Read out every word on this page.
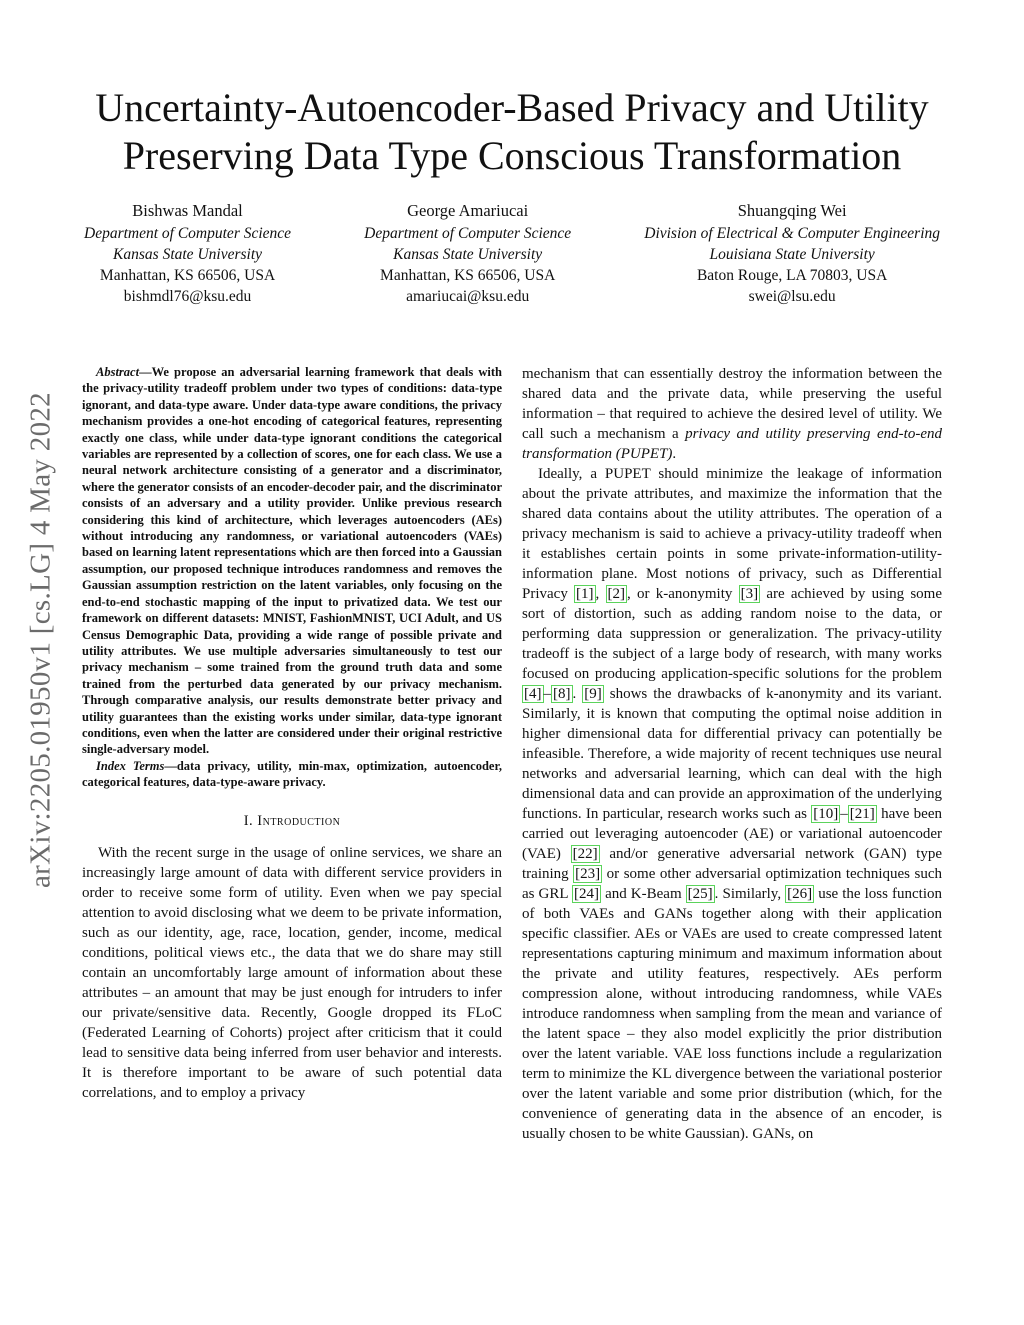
arXiv:2205.01950v1 [cs.LG] 4 May 2022
Uncertainty-Autoencoder-Based Privacy and Utility Preserving Data Type Conscious Transformation
Bishwas Mandal
Department of Computer Science
Kansas State University
Manhattan, KS 66506, USA
bishmdl76@ksu.edu
George Amariucai
Department of Computer Science
Kansas State University
Manhattan, KS 66506, USA
amariucai@ksu.edu
Shuangqing Wei
Division of Electrical & Computer Engineering
Louisiana State University
Baton Rouge, LA 70803, USA
swei@lsu.edu

Abstract—We propose an adversarial learning framework that deals with the privacy-utility tradeoff problem under two types of conditions: data-type ignorant, and data-type aware. Under data-type aware conditions, the privacy mechanism provides a one-hot encoding of categorical features, representing exactly one class, while under data-type ignorant conditions the categorical variables are represented by a collection of scores, one for each class. We use a neural network architecture consisting of a generator and a discriminator, where the generator consists of an encoder-decoder pair, and the discriminator consists of an adversary and a utility provider. Unlike previous research considering this kind of architecture, which leverages autoencoders (AEs) without introducing any randomness, or variational autoencoders (VAEs) based on learning latent representations which are then forced into a Gaussian assumption, our proposed technique introduces randomness and removes the Gaussian assumption restriction on the latent variables, only focusing on the end-to-end stochastic mapping of the input to privatized data. We test our framework on different datasets: MNIST, FashionMNIST, UCI Adult, and US Census Demographic Data, providing a wide range of possible private and utility attributes. We use multiple adversaries simultaneously to test our privacy mechanism – some trained from the ground truth data and some trained from the perturbed data generated by our privacy mechanism. Through comparative analysis, our results demonstrate better privacy and utility guarantees than the existing works under similar, data-type ignorant conditions, even when the latter are considered under their original restrictive single-adversary model.

Index Terms—data privacy, utility, min-max, optimization, autoencoder, categorical features, data-type-aware privacy.

I. Introduction

With the recent surge in the usage of online services, we share an increasingly large amount of data with different service providers in order to receive some form of utility. Even when we pay special attention to avoid disclosing what we deem to be private information, such as our identity, age, race, location, gender, income, medical conditions, political views etc., the data that we do share may still contain an uncomfortably large amount of information about these attributes – an amount that may be just enough for intruders to infer our private/sensitive data. Recently, Google dropped its FLoC (Federated Learning of Cohorts) project after criticism that it could lead to sensitive data being inferred from user behavior and interests. It is therefore important to be aware of such potential data correlations, and to employ a privacy

mechanism that can essentially destroy the information between the shared data and the private data, while preserving the useful information – that required to achieve the desired level of utility. We call such a mechanism a privacy and utility preserving end-to-end transformation (PUPET).

Ideally, a PUPET should minimize the leakage of information about the private attributes, and maximize the information that the shared data contains about the utility attributes. The operation of a privacy mechanism is said to achieve a privacy-utility tradeoff when it establishes certain points in some private-information-utility-information plane. Most notions of privacy, such as Differential Privacy [1] , [2] , or k-anonymity [3] are achieved by using some sort of distortion, such as adding random noise to the data, or performing data suppression or generalization. The privacy-utility tradeoff is the subject of a large body of research, with many works focused on producing application-specific solutions for the problem [4] – [8] . [9] shows the drawbacks of k-anonymity and its variant. Similarly, it is known that computing the optimal noise addition in higher dimensional data for differential privacy can potentially be infeasible. Therefore, a wide majority of recent techniques use neural networks and adversarial learning, which can deal with the high dimensional data and can provide an approximation of the underlying functions. In particular, research works such as [10] – [21] have been carried out leveraging autoencoder (AE) or variational autoencoder (VAE) [22] and/or generative adversarial network (GAN) type training [23] or some other adversarial optimization techniques such as GRL [24] and K-Beam [25] . Similarly, [26] use the loss function of both VAEs and GANs together along with their application specific classifier. AEs or VAEs are used to create compressed latent representations capturing minimum and maximum information about the private and utility features, respectively. AEs perform compression alone, without introducing randomness, while VAEs introduce randomness when sampling from the mean and variance of the latent space – they also model explicitly the prior distribution over the latent variable. VAE loss functions include a regularization term to minimize the KL divergence between the variational posterior over the latent variable and some prior distribution (which, for the convenience of generating data in the absence of an encoder, is usually chosen to be white Gaussian). GANs, on
